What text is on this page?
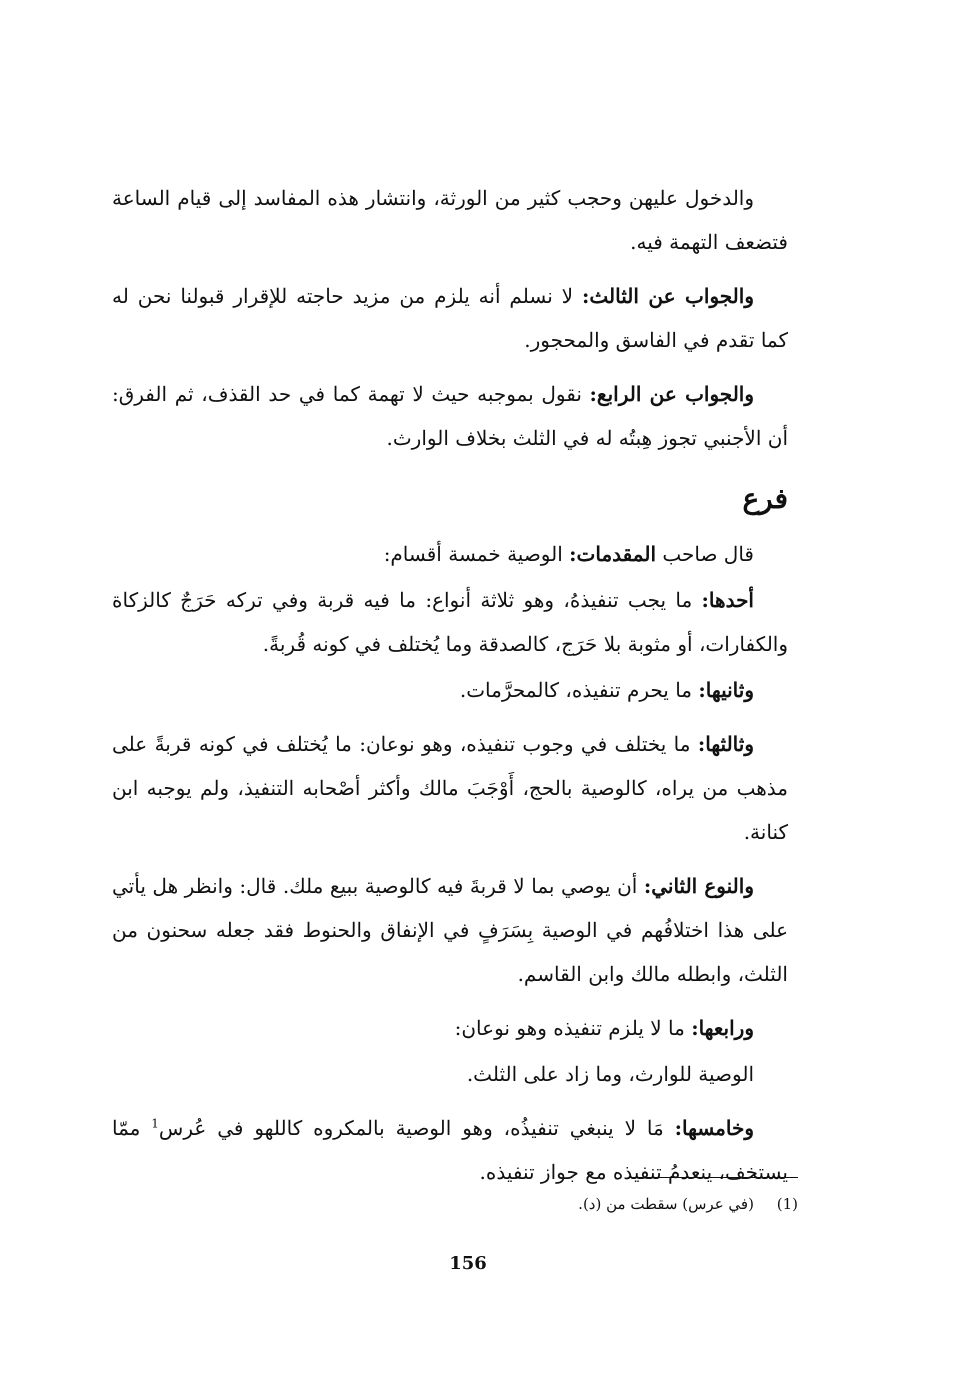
والدخول عليهن وحجب كثير من الورثة، وانتشار هذه المفاسد إلى قيام الساعة فتضعف التهمة فيه.

والجواب عن الثالث: لا نسلم أنه يلزم من مزيد حاجته للإقرار قبولنا نحن له كما تقدم في الفاسق والمحجور.

والجواب عن الرابع: نقول بموجبه حيث لا تهمة كما في حد القذف، ثم الفرق: أن الأجنبي تجوز هِبتُه له في الثلث بخلاف الوارث.

فرع

قال صاحب المقدمات: الوصية خمسة أقسام:

أحدها: ما يجب تنفيذهُ، وهو ثلاثة أنواع: ما فيه قربة وفي تركه حَرَجٌ كالزكاة والكفارات، أو مثوبة بلا حَرَج، كالصدقة وما يُختلف في كونه قُربةً.

وثانيها: ما يحرم تنفيذه، كالمحرَّمات.

وثالثها: ما يختلف في وجوب تنفيذه، وهو نوعان: ما يُختلف في كونه قربةً على مذهب من يراه، كالوصية بالحج، أَوْجَبَ مالك وأكثر أصْحابه التنفيذ، ولم يوجبه ابن كنانة.

والنوع الثاني: أن يوصي بما لا قربةَ فيه كالوصية ببيع ملك. قال: وانظر هل يأتي على هذا اختلافُهم في الوصية بِسَرَفٍ في الإنفاق والحنوط فقد جعله سحنون من الثلث، وابطله مالك وابن القاسم.

ورابعها: ما لا يلزم تنفيذه وهو نوعان:

الوصية للوارث، وما زاد على الثلث.

وخامسها: مَا لا ينبغي تنفيذُه، وهو الوصية بالمكروه كاللهو في عُرس$^1$ ممّا يستخف، ينعدمُ تنفيذه مع جواز تنفيذه.

(1) (في عرس) سقطت من (د).
156
